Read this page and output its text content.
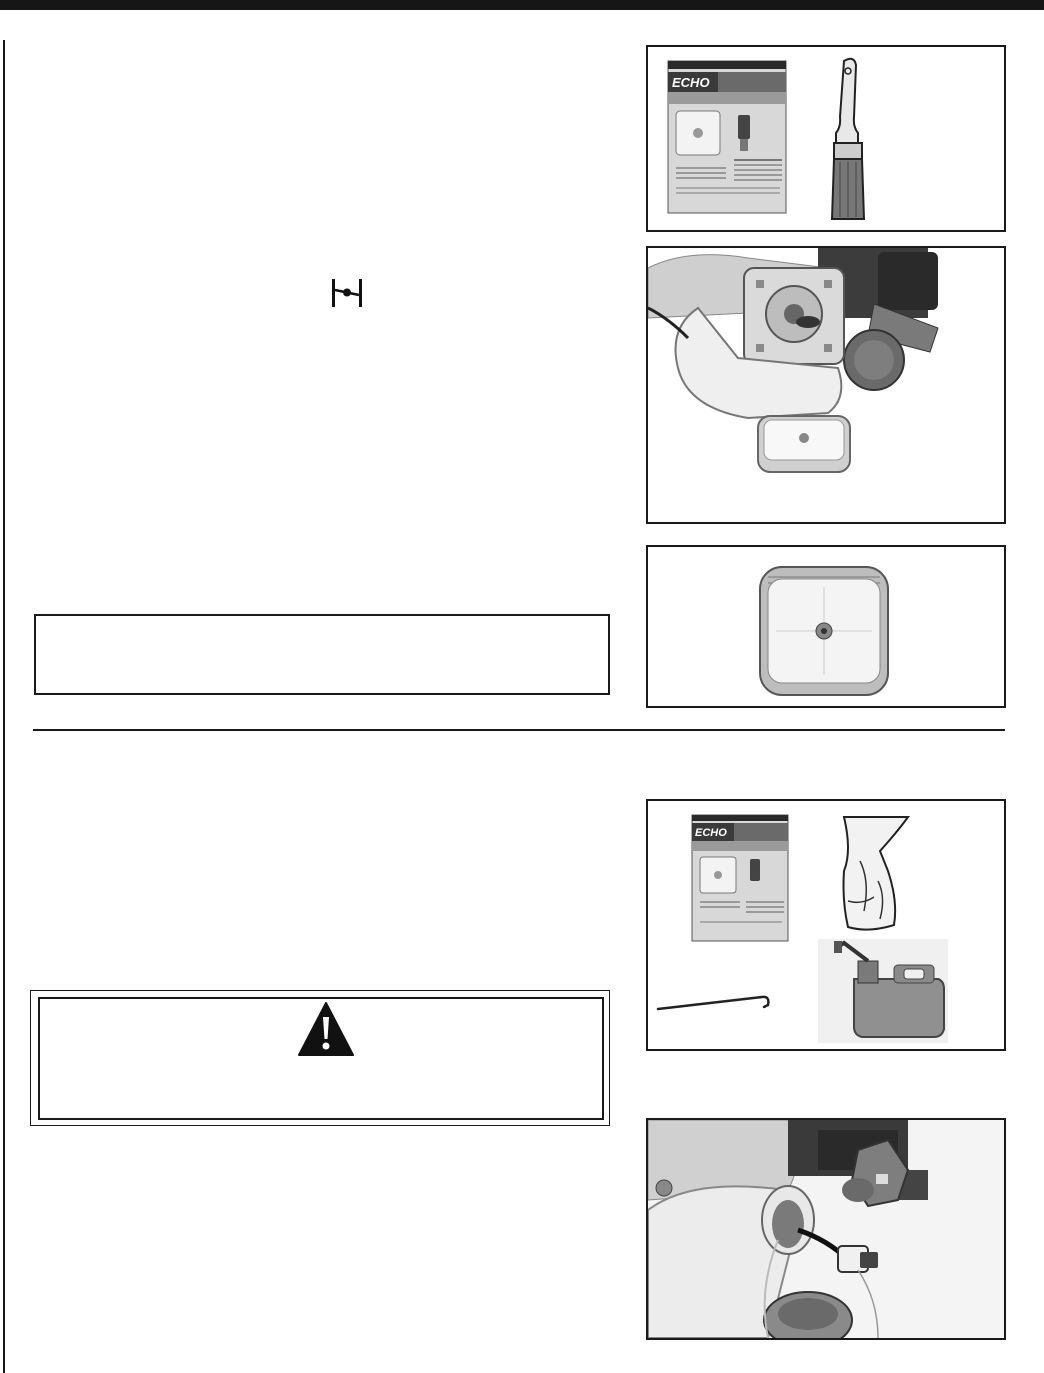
ECHO
ECHO
